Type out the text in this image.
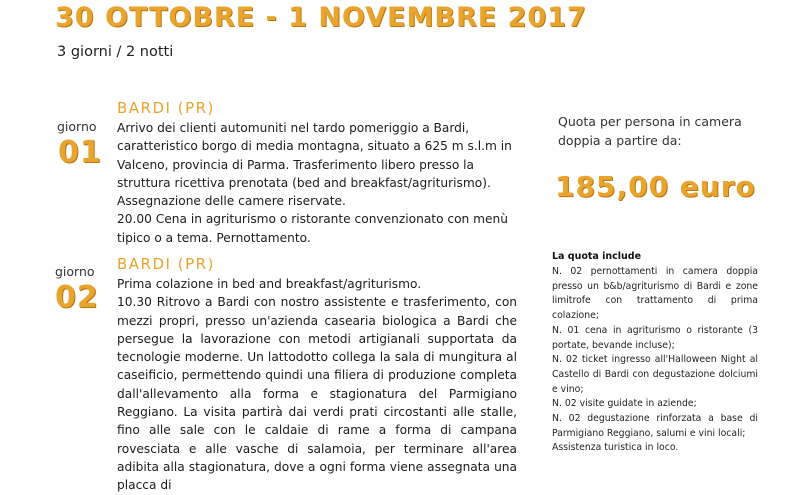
30 OTTOBRE - 1 NOVEMBRE 2017
3 giorni / 2 notti
giorno
01
BARDI (PR)

Arrivo dei clienti automuniti nel tardo pomeriggio a Bardi, caratteristico borgo di media montagna, situato a 625 m s.l.m in Valceno, provincia di Parma. Trasferimento libero presso la struttura ricettiva prenotata (bed and breakfast/agriturismo). Assegnazione delle camere riservate.

20.00 Cena in agriturismo o ristorante convenzionato con menù tipico o a tema. Pernottamento.

giorno
02
BARDI (PR)

Prima colazione in bed and breakfast/agriturismo.

10.30 Ritrovo a Bardi con nostro assistente e trasferimento, con mezzi propri, presso un'azienda casearia biologica a Bardi che persegue la lavorazione con metodi artigianali supportata da tecnologie moderne. Un lattodotto collega la sala di mungitura al caseificio, permettendo quindi una filiera di produzione completa dall'allevamento alla forma e stagionatura del Parmigiano Reggiano. La visita partirà dai verdi prati circostanti alle stalle, fino alle sale con le caldaie di rame a forma di campana rovesciata e alle vasche di salamoia, per terminare all'area adibita alla stagionatura, dove a ogni forma viene assegnata una placca di

Quota per persona in camera doppia a partire da:
185,00 euro
La quota include
N. 02 pernottamenti in camera doppia presso un b&b/agriturismo di Bardi e zone limitrofe con trattamento di prima colazione;
N. 01 cena in agriturismo o ristorante (3 portate, bevande incluse);
N. 02 ticket ingresso all'Halloween Night al Castello di Bardi con degustazione dolciumi e vino;
N. 02 visite guidate in aziende;
N. 02 degustazione rinforzata a base di Parmigiano Reggiano, salumi e vini locali;
Assistenza turistica in loco.
